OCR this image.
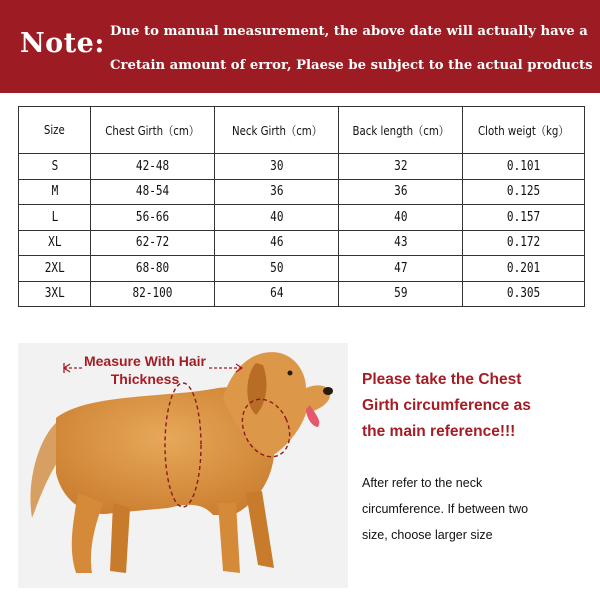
Note: Due to manual measurement, the above date will actually have a
Cretain amount of error, Plaese be subject to the actual products
Size	Chest Girth（cm）	Neck Girth（cm）	Back length（cm）	Cloth weigt（kg）
S	42-48	30	32	0.101
M	48-54	36	36	0.125
L	56-66	40	40	0.157
XL	62-72	46	43	0.172
2XL	68-80	50	47	0.201
3XL	82-100	64	59	0.305
Measure With Hair
Thickness	Please take the Chest
Girth circumference as
the main reference!!!
After refer to the neck
circumference. If between two
size, choose larger size
